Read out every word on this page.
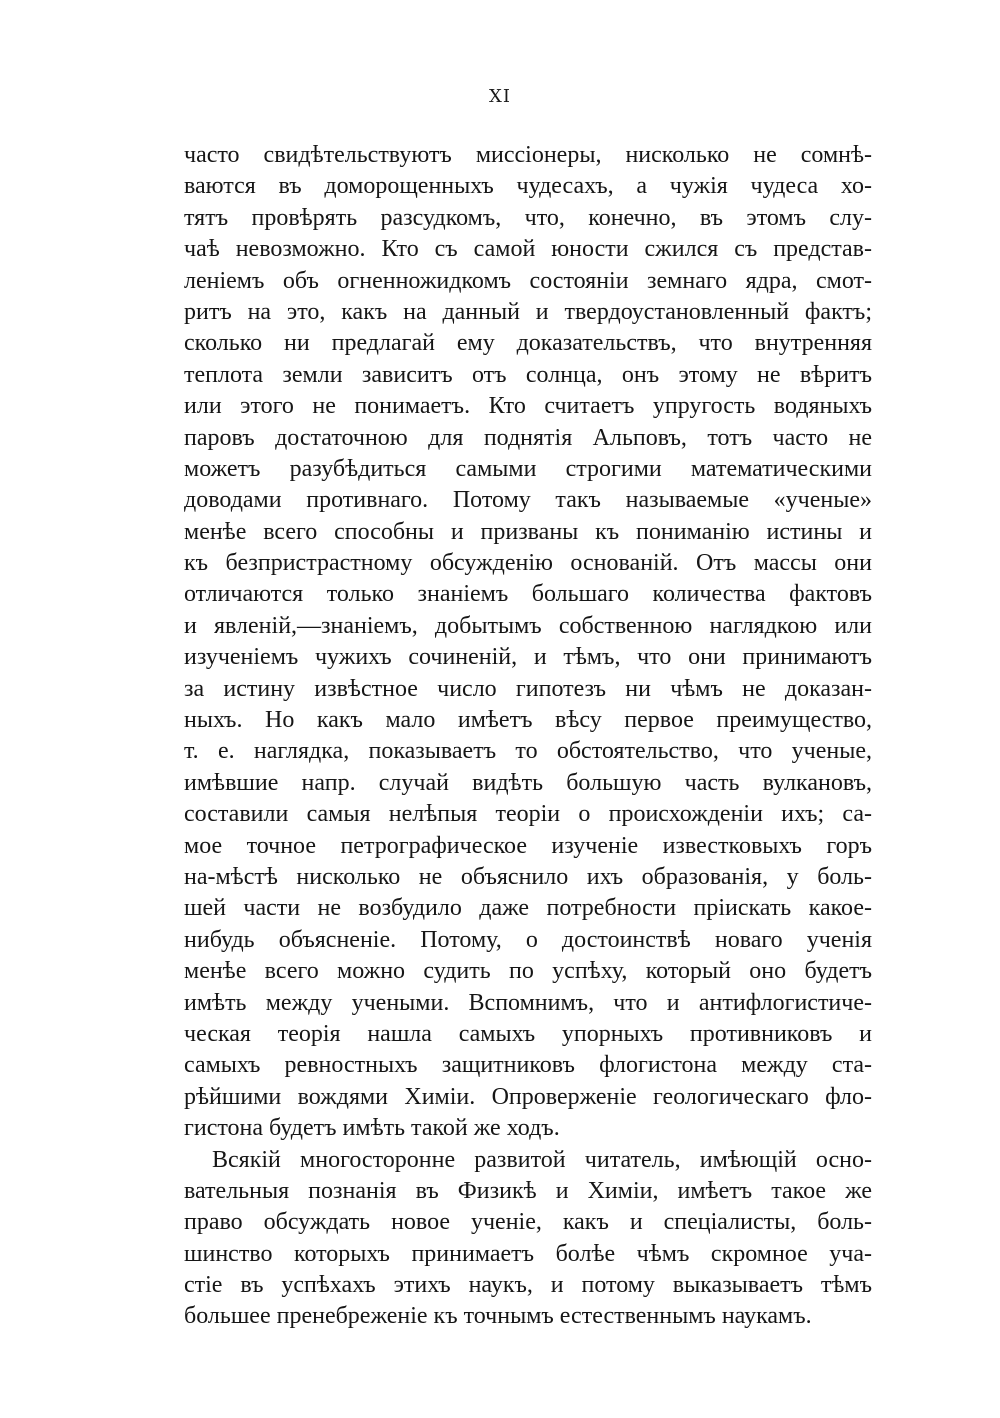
XI
часто свидѣтельствуютъ миссіонеры, нисколько не сомнѣ-
ваются въ доморощенныхъ чудесахъ, а чужія чудеса хо-
тятъ провѣрять разсудкомъ, что, конечно, въ этомъ слу-
чаѣ невозможно. Кто съ самой юности сжился съ представ-
леніемъ объ огненножидкомъ состояніи земнаго ядра, смот-
ритъ на это, какъ на данный и твердоустановленный фактъ;
сколько ни предлагай ему доказательствъ, что внутренняя
теплота земли зависитъ отъ солнца, онъ этому не вѣритъ
или этого не понимаетъ. Кто считаетъ упругость водяныхъ
паровъ достаточною для поднятія Альповъ, тотъ часто не
можетъ разубѣдиться самыми строгими математическими
доводами противнаго. Потому такъ называемые «ученые»
менѣе всего способны и призваны къ пониманію истины и
къ безпристрастному обсужденію основаній. Отъ массы они
отличаются только знаніемъ большаго количества фактовъ
и явленій,—знаніемъ, добытымъ собственною наглядкою или
изученіемъ чужихъ сочиненій, и тѣмъ, что они принимаютъ
за истину извѣстное число гипотезъ ни чѣмъ не доказан-
ныхъ. Но какъ мало имѣетъ вѣсу первое преимущество,
т. е. наглядка, показываетъ то обстоятельство, что ученые,
имѣвшие напр. случай видѣть большую часть вулкановъ,
составили самыя нелѣпыя теоріи о происхожденіи ихъ; са-
мое точное петрографическое изученіе известковыхъ горъ
на-мѣстѣ нисколько не объяснило ихъ образованія, у боль-
шей части не возбудило даже потребности пріискать какое-
нибудь объясненіе. Потому, о достоинствѣ новаго ученія
менѣе всего можно судить по успѣху, который оно будетъ
имѣть между учеными. Вспомнимъ, что и антифлогистиче-
ческая теорія нашла самыхъ упорныхъ противниковъ и
самыхъ ревностныхъ защитниковъ флогистона между ста-
рѣйшими вождями Химіи. Опроверженіе геологическаго фло-
гистона будетъ имѣть такой же ходъ.
Всякій многосторонне развитой читатель, имѣющій осно-
вательныя познанія въ Физикѣ и Химіи, имѣетъ такое же
право обсуждать новое ученіе, какъ и спеціалисты, боль-
шинство которыхъ принимаетъ болѣе чѣмъ скромное уча-
стіе въ успѣхахъ этихъ наукъ, и потому выказываетъ тѣмъ
большее пренебреженіе къ точнымъ естественнымъ наукамъ.
